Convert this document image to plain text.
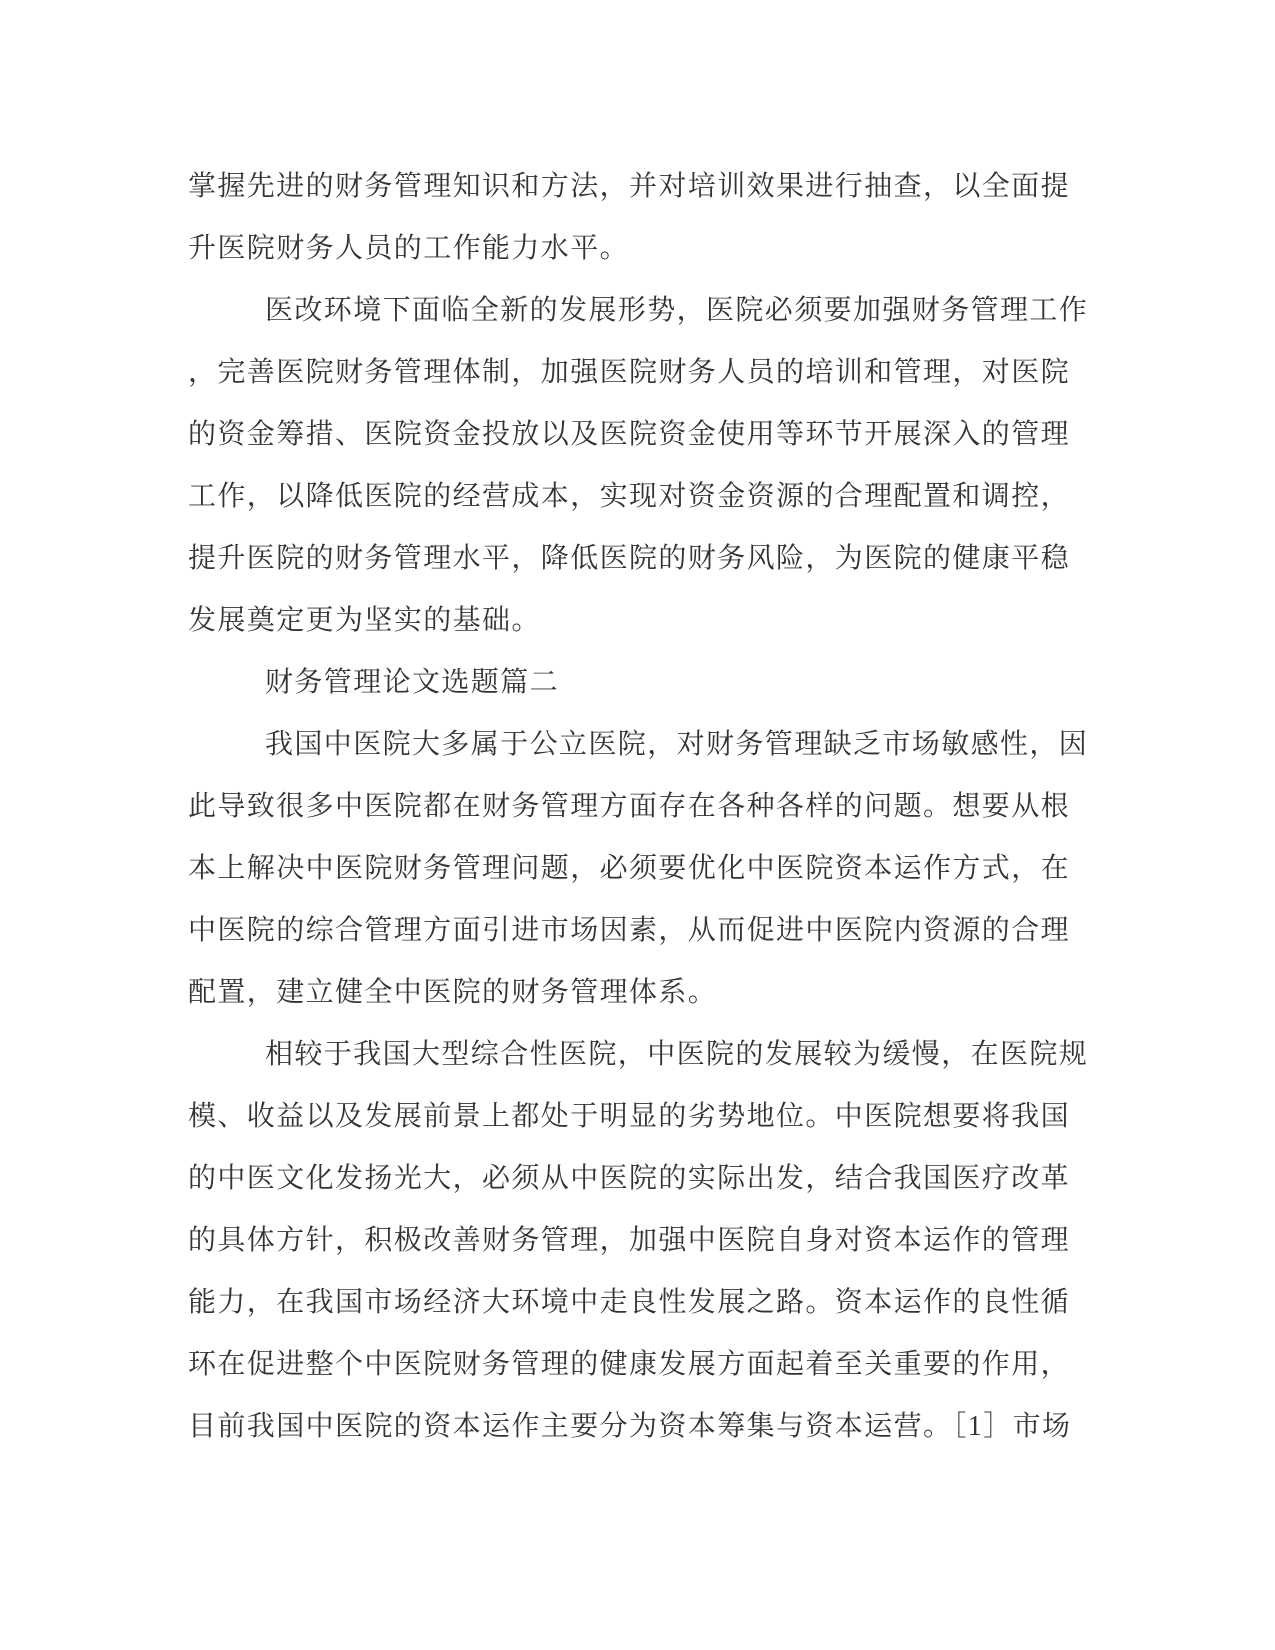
掌握先进的财务管理知识和方法，并对培训效果进行抽查，以全面提
升医院财务人员的工作能力水平。
医改环境下面临全新的发展形势，医院必须要加强财务管理工作
，完善医院财务管理体制，加强医院财务人员的培训和管理，对医院
的资金筹措、医院资金投放以及医院资金使用等环节开展深入的管理
工作，以降低医院的经营成本，实现对资金资源的合理配置和调控，
提升医院的财务管理水平，降低医院的财务风险，为医院的健康平稳
发展奠定更为坚实的基础。
财务管理论文选题篇二
我国中医院大多属于公立医院，对财务管理缺乏市场敏感性，因
此导致很多中医院都在财务管理方面存在各种各样的问题。想要从根
本上解决中医院财务管理问题，必须要优化中医院资本运作方式，在
中医院的综合管理方面引进市场因素，从而促进中医院内资源的合理
配置，建立健全中医院的财务管理体系。
相较于我国大型综合性医院，中医院的发展较为缓慢，在医院规
模、收益以及发展前景上都处于明显的劣势地位。中医院想要将我国
的中医文化发扬光大，必须从中医院的实际出发，结合我国医疗改革
的具体方针，积极改善财务管理，加强中医院自身对资本运作的管理
能力，在我国市场经济大环境中走良性发展之路。资本运作的良性循
环在促进整个中医院财务管理的健康发展方面起着至关重要的作用，
目前我国中医院的资本运作主要分为资本筹集与资本运营。［1］市场
